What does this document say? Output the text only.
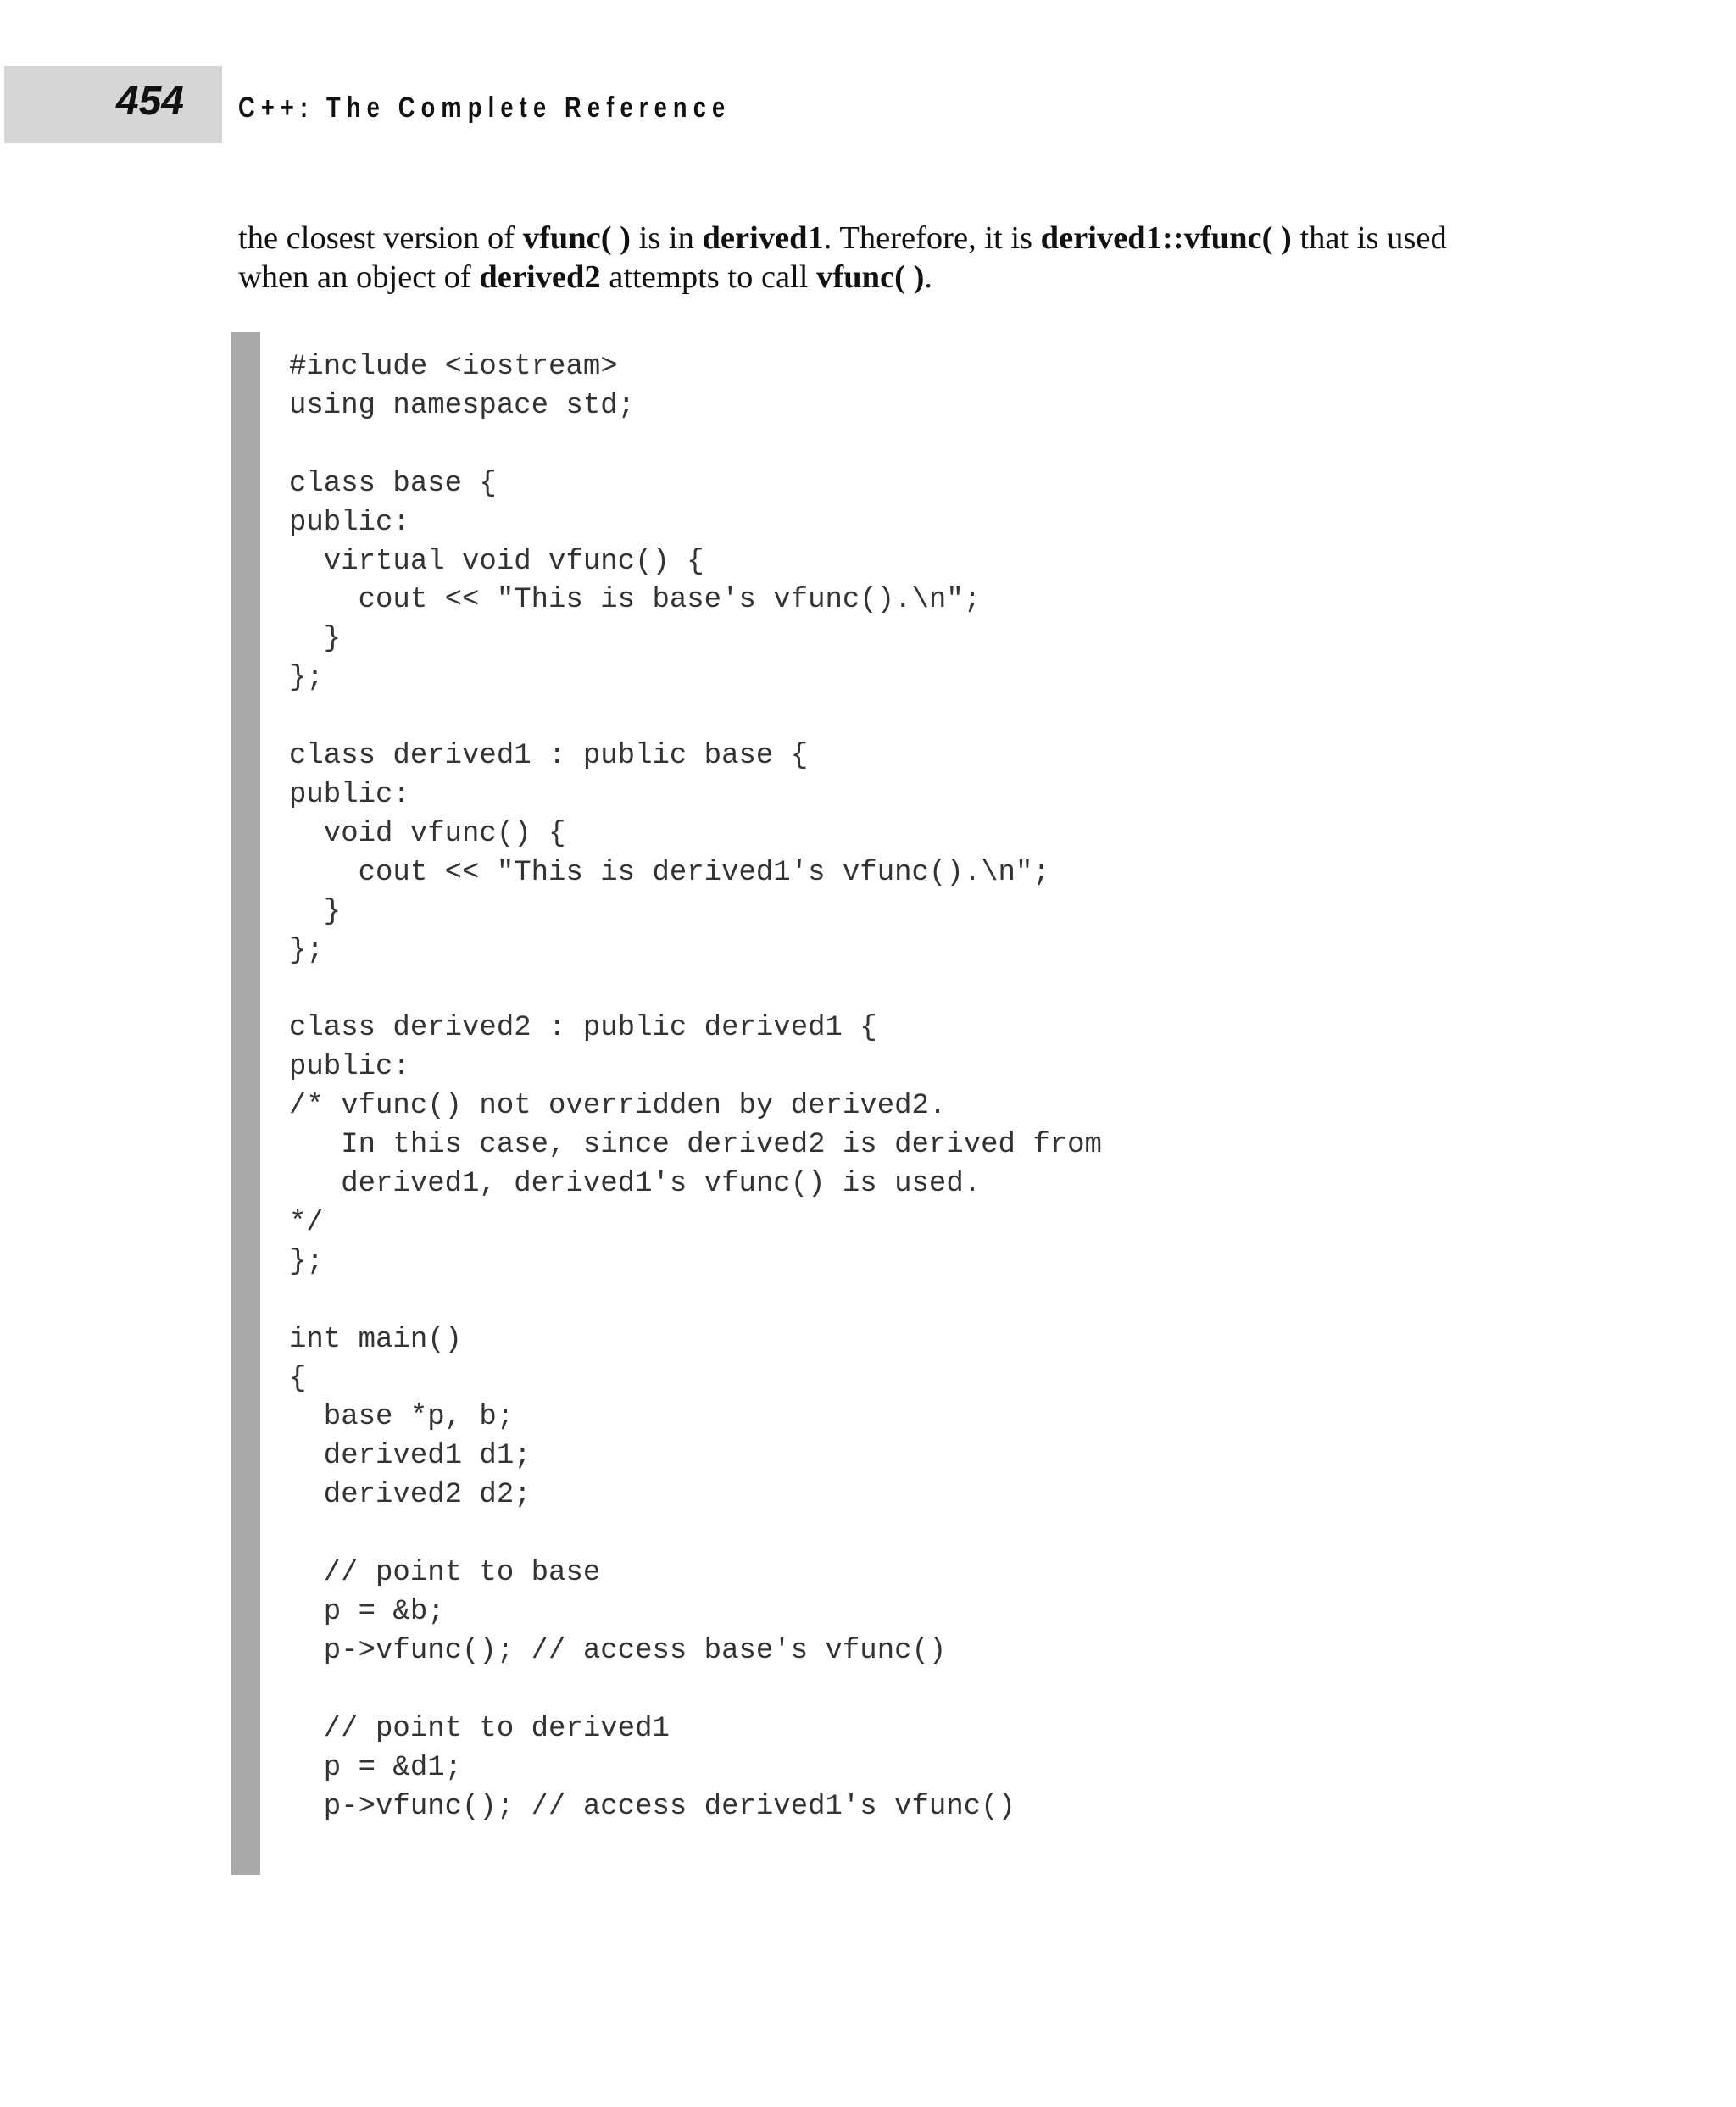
454 C++: The Complete Reference

the closest version of vfunc( ) is in derived1. Therefore, it is derived1::vfunc( ) that is used when an object of derived2 attempts to call vfunc( ).

#include <iostream>
using namespace std;

class base {
public:
virtual void vfunc() {
cout << "This is base's vfunc().\n";
}
};

class derived1 : public base {
public:
void vfunc() {
cout << "This is derived1's vfunc().\n";
}
};

class derived2 : public derived1 {
public:
/* vfunc() not overridden by derived2.
In this case, since derived2 is derived from
derived1, derived1's vfunc() is used.
*/
};

int main()
{
base *p, b;
derived1 d1;
derived2 d2;

// point to base
p = &b;
p->vfunc(); // access base's vfunc()

// point to derived1
p = &d1;
p->vfunc(); // access derived1's vfunc()
